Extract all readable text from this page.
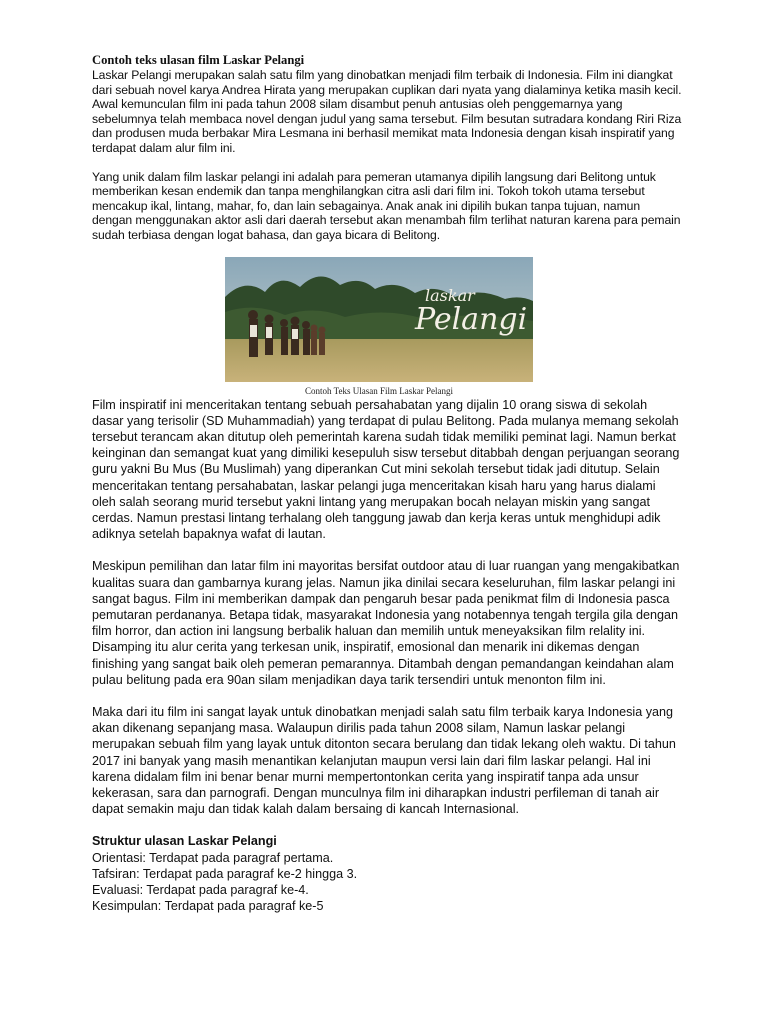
Contoh teks ulasan film Laskar Pelangi

Laskar Pelangi merupakan salah satu film yang dinobatkan menjadi film terbaik di Indonesia. Film ini diangkat dari sebuah novel karya Andrea Hirata yang merupakan cuplikan dari nyata yang dialaminya ketika masih kecil. Awal kemunculan film ini pada tahun 2008 silam disambut penuh antusias oleh penggemarnya yang sebelumnya telah membaca novel dengan judul yang sama tersebut. Film besutan sutradara kondang Riri Riza dan produsen muda berbakar Mira Lesmana ini berhasil memikat mata Indonesia dengan kisah inspiratif yang terdapat dalam alur film ini.

Yang unik dalam film laskar pelangi ini adalah para pemeran utamanya dipilih langsung dari Belitong untuk memberikan kesan endemik dan tanpa menghilangkan citra asli dari film ini. Tokoh tokoh utama tersebut mencakup ikal, lintang, mahar, fo, dan lain sebagainya. Anak anak ini dipilih bukan tanpa tujuan, namun dengan menggunakan aktor asli dari daerah tersebut akan menambah film terlihat naturan karena para pemain sudah terbiasa dengan logat bahasa, dan gaya bicara di Belitong.

laskar
Pelangi
Contoh Teks Ulasan Film Laskar Pelangi

Film inspiratif ini menceritakan tentang sebuah persahabatan yang dijalin 10 orang siswa di sekolah dasar yang terisolir (SD Muhammadiah) yang terdapat di pulau Belitong. Pada mulanya memang sekolah tersebut terancam akan ditutup oleh pemerintah karena sudah tidak memiliki peminat lagi. Namun berkat keinginan dan semangat kuat yang dimiliki kesepuluh sisw tersebut ditabbah dengan perjuangan seorang guru yakni Bu Mus (Bu Muslimah) yang diperankan Cut mini sekolah tersebut tidak jadi ditutup. Selain menceritakan tentang persahabatan, laskar pelangi juga menceritakan kisah haru yang harus dialami oleh salah seorang murid tersebut yakni lintang yang merupakan bocah nelayan miskin yang sangat cerdas. Namun prestasi lintang terhalang oleh tanggung jawab dan kerja keras untuk menghidupi adik adiknya setelah bapaknya wafat di lautan.

Meskipun pemilihan dan latar film ini mayoritas bersifat outdoor atau di luar ruangan yang mengakibatkan kualitas suara dan gambarnya kurang jelas. Namun jika dinilai secara keseluruhan, film laskar pelangi ini sangat bagus. Film ini memberikan dampak dan pengaruh besar pada penikmat film di Indonesia pasca pemutaran perdananya. Betapa tidak, masyarakat Indonesia yang notabennya tengah tergila gila dengan film horror, dan action ini langsung berbalik haluan dan memilih untuk meneyaksikan film relality ini. Disamping itu alur cerita yang terkesan unik, inspiratif, emosional dan menarik ini dikemas dengan finishing yang sangat baik oleh pemeran pemarannya. Ditambah dengan pemandangan keindahan alam pulau belitung pada era 90an silam menjadikan daya tarik tersendiri untuk menonton film ini.

Maka dari itu film ini sangat layak untuk dinobatkan menjadi salah satu film terbaik karya Indonesia yang akan dikenang sepanjang masa. Walaupun dirilis pada tahun 2008 silam, Namun laskar pelangi merupakan sebuah film yang layak untuk ditonton secara berulang dan tidak lekang oleh waktu. Di tahun 2017 ini banyak yang masih menantikan kelanjutan maupun versi lain dari film laskar pelangi. Hal ini karena didalam film ini benar benar murni mempertontonkan cerita yang inspiratif tanpa ada unsur kekerasan, sara dan parnografi. Dengan munculnya film ini diharapkan industri perfileman di tanah air dapat semakin maju dan tidak kalah dalam bersaing di kancah Internasional.

Struktur ulasan Laskar Pelangi
Orientasi: Terdapat pada paragraf pertama.
Tafsiran: Terdapat pada paragraf ke-2 hingga 3.
Evaluasi: Terdapat pada paragraf ke-4.
Kesimpulan: Terdapat pada paragraf ke-5
